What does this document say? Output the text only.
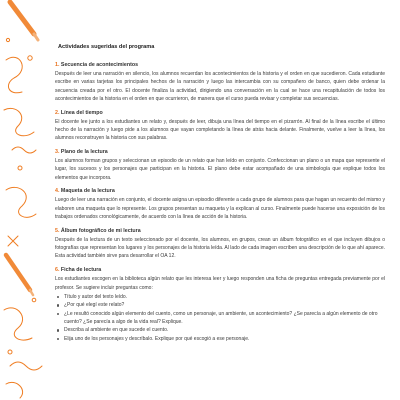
Actividades sugeridas del programa

1. Secuencia de acontecimientos

Después de leer una narración en silencio, los alumnos recuerdan los acontecimientos de la historia y el orden en que sucedieron. Cada estudiante escribe en varias tarjetas los principales hechos de la narración y luego las intercambia con su compañero de banco, quien debe ordenar la secuencia creada por el otro. El docente finaliza la actividad, dirigiendo una conversación en la cual se hace una recapitulación de todos los acontecimientos de la historia en el orden en que ocurrieron, de manera que el curso pueda revisar y completar sus secuencias.

2. Línea del tiempo

El docente lee junto a los estudiantes un relato y, después de leer, dibuja una línea del tiempo en el pizarrón. Al final de la línea escribe el último hecho de la narración y luego pide a los alumnos que vayan completando la línea de atrás hacia delante. Finalmente, vuelve a leer la línea, los alumnos reconstruyen la historia con sus palabras.

3. Plano de la lectura

Los alumnos forman grupos y seleccionan un episodio de un relato que han leído en conjunto. Confeccionan un plano o un mapa que represente el lugar, los sucesos y los personajes que participan en la historia. El plano debe estar acompañado de una simbología que explique todos los elementos que incorpora.

4. Maqueta de la lectura

Luego de leer una narración en conjunto, el docente asigna un episodio diferente a cada grupo de alumnos para que hagan un recuento del mismo y elaboren una maqueta que lo represente. Los grupos presentan su maqueta y la explican al curso. Finalmente puede hacerse una exposición de los trabajos ordenados cronológicamente, de acuerdo con la línea de acción de la historia.

5. Álbum fotográfico de mi lectura

Después de la lectura de un texto seleccionado por el docente, los alumnos, en grupos, crean un álbum fotográfico en el que incluyen dibujos o fotografías que representan los lugares y los personajes de la historia leída. Al lado de cada imagen escriben una descripción de lo que ahí aparece. Esta actividad también sirve para desarrollar el OA 12.

6. Ficha de lectura

Los estudiantes escogen en la biblioteca algún relato que les interesa leer y luego responden una ficha de preguntas entregada previamente por el profesor. Se sugiere incluir preguntas como:

Título y autor del texto leído.
¿Por qué elegí este relato?
¿Le resultó conocido algún elemento del cuento, como un personaje, un ambiente, un acontecimiento? ¿Se parecía a algún elemento de otro cuento? ¿Se parecía a algo de la vida real? Explique.
Describa al ambiente en que sucede el cuento.
Elija uno de los personajes y descríbalo. Explique por qué escogió a ese personaje.
